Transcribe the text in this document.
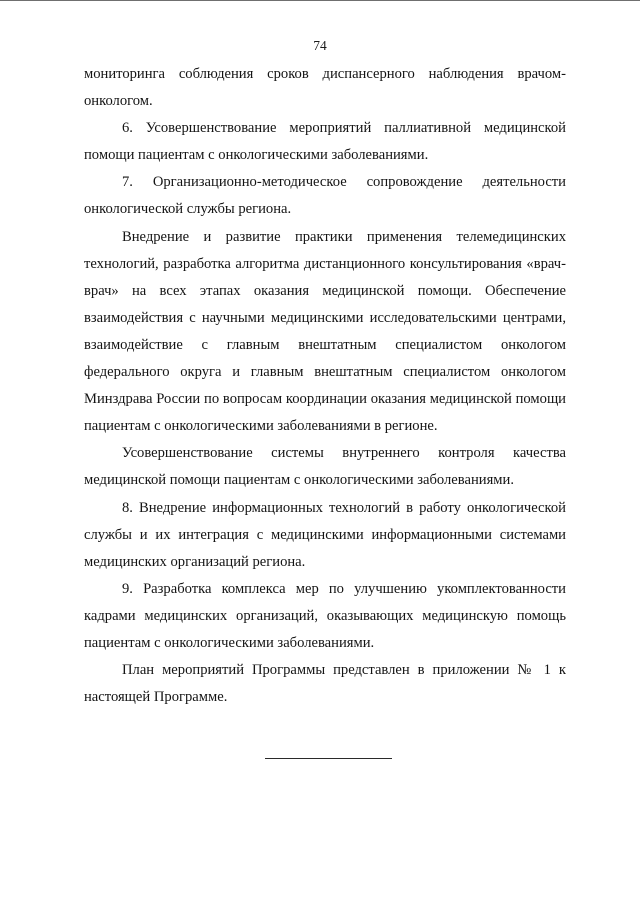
74

мониторинга соблюдения сроков диспансерного наблюдения врачом-онкологом.

6. Усовершенствование мероприятий паллиативной медицинской помощи пациентам с онкологическими заболеваниями.

7. Организационно-методическое сопровождение деятельности онкологической службы региона.

Внедрение и развитие практики применения телемедицинских технологий, разработка алгоритма дистанционного консультирования «врач-врач» на всех этапах оказания медицинской помощи. Обеспечение взаимодействия с научными медицинскими исследовательскими центрами, взаимодействие с главным внештатным специалистом онкологом федерального округа и главным внештатным специалистом онкологом Минздрава России по вопросам координации оказания медицинской помощи пациентам с онкологическими заболеваниями в регионе.

Усовершенствование системы внутреннего контроля качества медицинской помощи пациентам с онкологическими заболеваниями.

8. Внедрение информационных технологий в работу онкологической службы и их интеграция с медицинскими информационными системами медицинских организаций региона.

9. Разработка комплекса мер по улучшению укомплектованности кадрами медицинских организаций, оказывающих медицинскую помощь пациентам с онкологическими заболеваниями.

План мероприятий Программы представлен в приложении № 1 к настоящей Программе.
